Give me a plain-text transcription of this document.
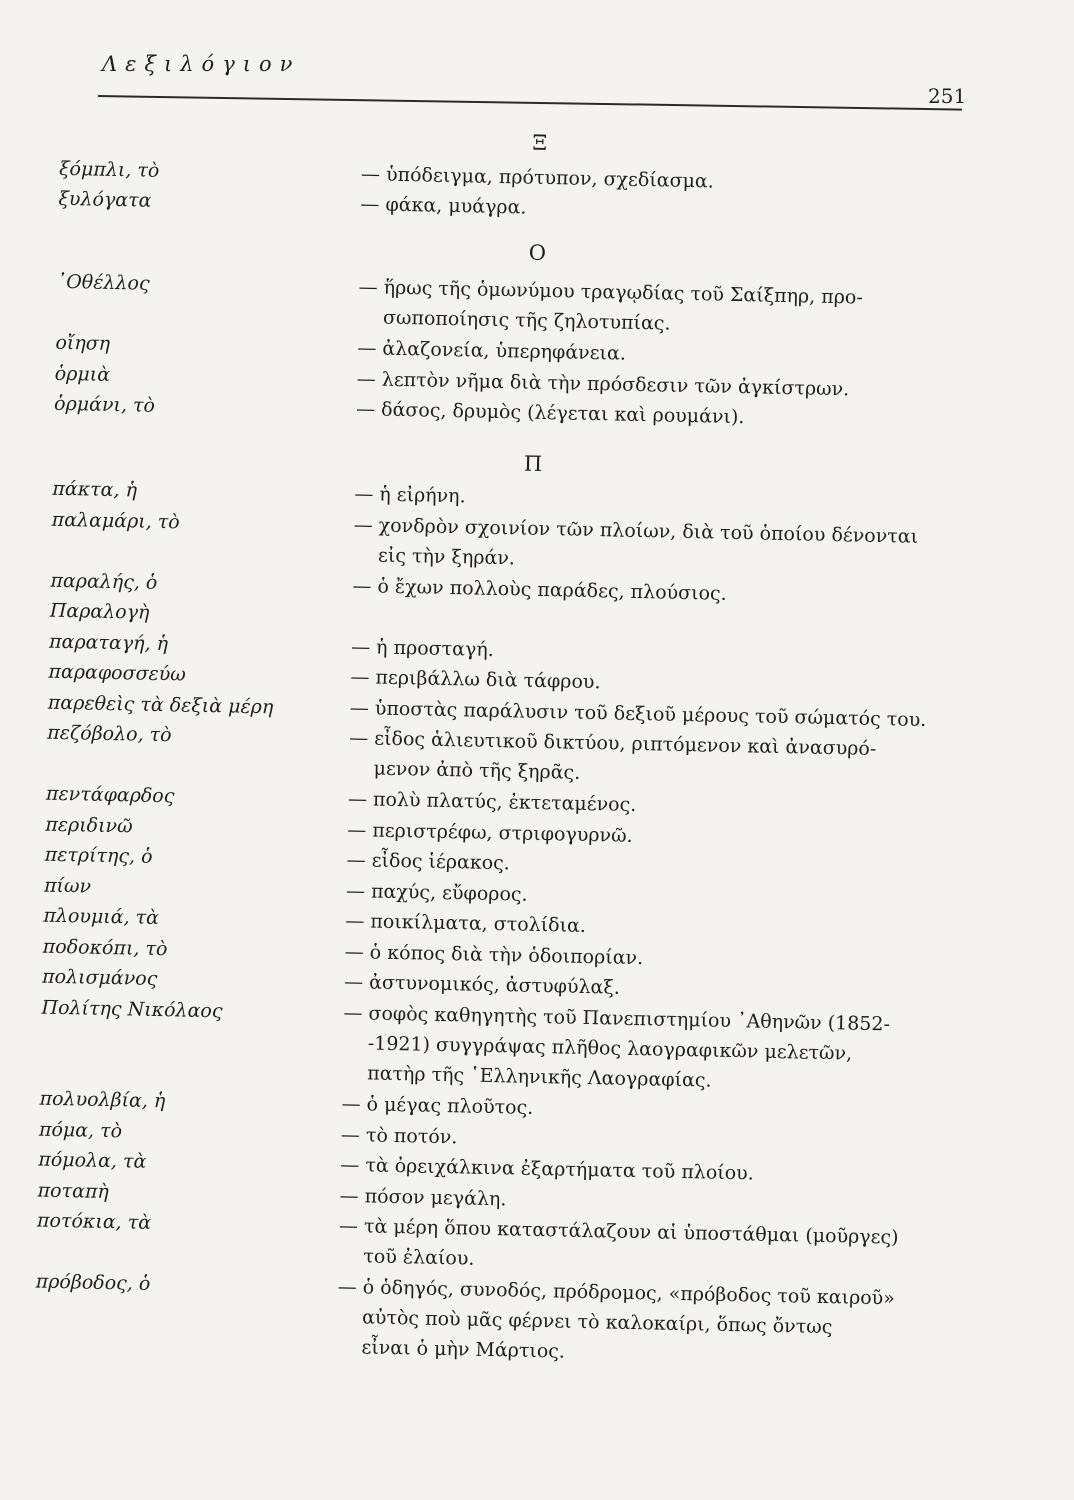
Λεξιλόγιον
251
Ξ
ξόμπλι, τὸ	— ὑπόδειγμα, πρότυπον, σχεδίασμα.
ξυλόγατα	— φάκα, μυάγρα.
Ο
᾿Οθέλλος	— ἥρως τῆς ὁμωνύμου τραγῳδίας τοῦ Σαίξπηρ, προ-
σωποποίησις τῆς ζηλοτυπίας.
οἴηση	— ἀλαζονεία, ὑπερηφάνεια.
ὁρμιὰ	— λεπτὸν νῆμα διὰ τὴν πρόσδεσιν τῶν ἀγκίστρων.
ὁρμάνι, τὸ	— δάσος, δρυμὸς (λέγεται καὶ ρουμάνι).
Π
πάκτα, ἡ	— ἡ εἰρήνη.
παλαμάρι, τὸ	— χονδρὸν σχοινίον τῶν πλοίων, διὰ τοῦ ὁποίου δένονται
εἰς τὴν ξηράν.
παραλής, ὁ	— ὁ ἔχων πολλοὺς παράδες, πλούσιος.
Παραλογὴ
παραταγή, ἡ	— ἡ προσταγή.
παραφοσσεύω	— περιβάλλω διὰ τάφρου.
παρεθεὶς τὰ δεξιὰ μέρη	— ὑποστὰς παράλυσιν τοῦ δεξιοῦ μέρους τοῦ σώματός του.
πεζόβολο, τὸ	— εἶδος ἁλιευτικοῦ δικτύου, ριπτόμενον καὶ ἀνασυρό-
μενον ἀπὸ τῆς ξηρᾶς.
πεντάφαρδος	— πολὺ πλατύς, ἐκτεταμένος.
περιδινῶ	— περιστρέφω, στριφογυρνῶ.
πετρίτης, ὁ	— εἶδος ἱέρακος.
πίων	— παχύς, εὔφορος.
πλουμιά, τὰ	— ποικίλματα, στολίδια.
ποδοκόπι, τὸ	— ὁ κόπος διὰ τὴν ὁδοιπορίαν.
πολισμάνος	— ἀστυνομικός, ἀστυφύλαξ.
Πολίτης Νικόλαος	— σοφὸς καθηγητὴς τοῦ Πανεπιστημίου ᾿Αθηνῶν (1852-
-1921) συγγράψας πλῆθος λαογραφικῶν μελετῶν,
πατὴρ τῆς ῾Ελληνικῆς Λαογραφίας.
πολυολβία, ἡ	— ὁ μέγας πλοῦτος.
πόμα, τὸ	— τὸ ποτόν.
πόμολα, τὰ	— τὰ ὀρειχάλκινα ἐξαρτήματα τοῦ πλοίου.
ποταπὴ	— πόσον μεγάλη.
ποτόκια, τὰ	— τὰ μέρη ὅπου καταστάλαζουν αἱ ὑποστάθμαι (μοῦργες)
τοῦ ἐλαίου.
πρόβοδος, ὁ	— ὁ ὁδηγός, συνοδός, πρόδρομος, «πρόβοδος τοῦ καιροῦ»
αὐτὸς ποὺ μᾶς φέρνει τὸ καλοκαίρι, ὅπως ὄντως
εἶναι ὁ μὴν Μάρτιος.
